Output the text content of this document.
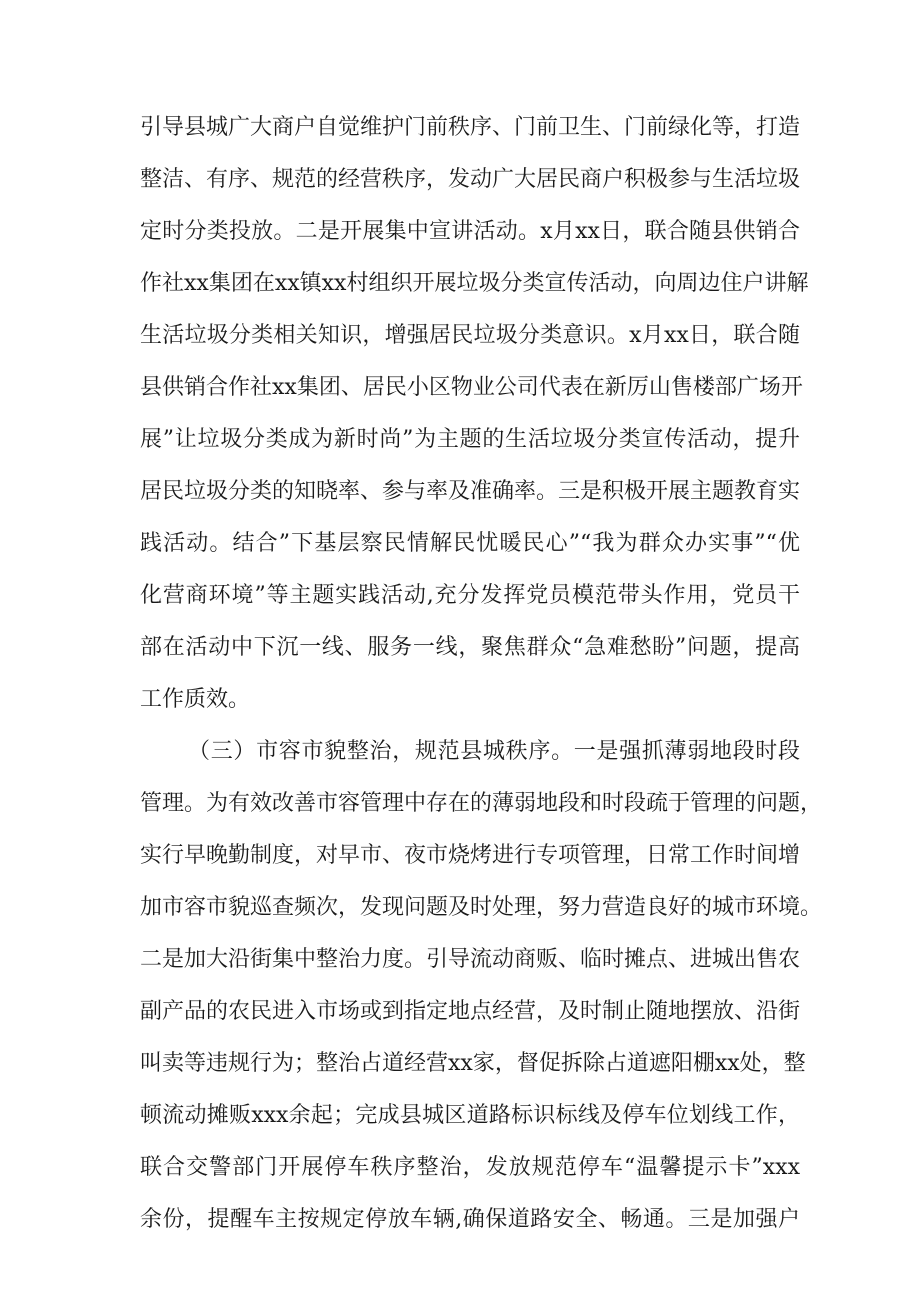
引导县城广大商户自觉维护门前秩序、门前卫生、门前绿化等，打造
整洁、有序、规范的经营秩序，发动广大居民商户积极参与生活垃圾
定时分类投放。二是开展集中宣讲活动。x月xx日，联合随县供销合
作社xx集团在xx镇xx村组织开展垃圾分类宣传活动，向周边住户讲解
生活垃圾分类相关知识，增强居民垃圾分类意识。x月xx日，联合随
县供销合作社xx集团、居民小区物业公司代表在新厉山售楼部广场开
展”让垃圾分类成为新时尚”为主题的生活垃圾分类宣传活动，提升
居民垃圾分类的知晓率、参与率及准确率。三是积极开展主题教育实
践活动。结合”下基层察民情解民忧暖民心”“我为群众办实事”“优
化营商环境”等主题实践活动,充分发挥党员模范带头作用，党员干
部在活动中下沉一线、服务一线，聚焦群众“急难愁盼”问题，提高
工作质效。
（三）市容市貌整治，规范县城秩序。一是强抓薄弱地段时段
管理。为有效改善市容管理中存在的薄弱地段和时段疏于管理的问题，
实行早晚勤制度，对早市、夜市烧烤进行专项管理，日常工作时间增
加市容市貌巡查频次，发现问题及时处理，努力营造良好的城市环境。
二是加大沿街集中整治力度。引导流动商贩、临时摊点、进城出售农
副产品的农民进入市场或到指定地点经营，及时制止随地摆放、沿街
叫卖等违规行为；整治占道经营xx家，督促拆除占道遮阳棚xx处，整
顿流动摊贩xxx余起；完成县城区道路标识标线及停车位划线工作，
联合交警部门开展停车秩序整治，发放规范停车“温馨提示卡”xxx
余份，提醒车主按规定停放车辆,确保道路安全、畅通。三是加强户
